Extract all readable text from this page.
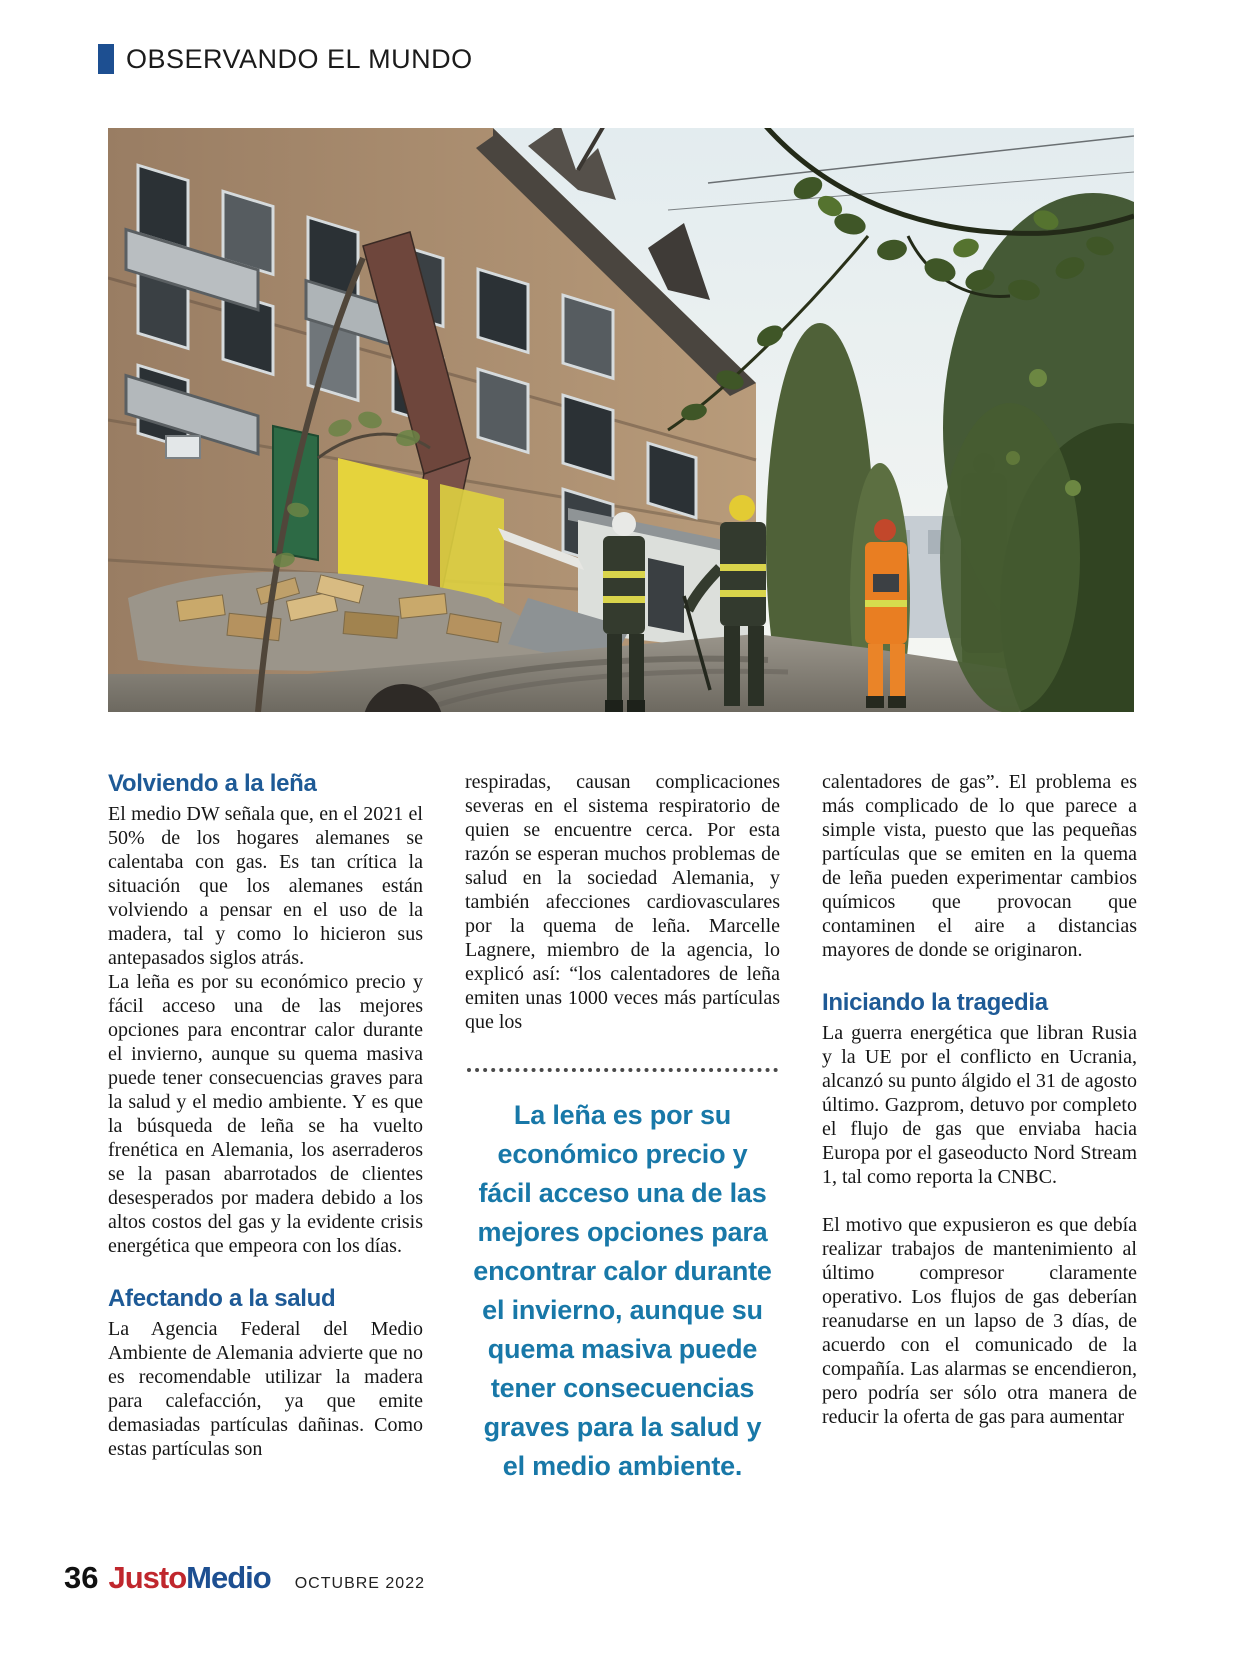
OBSERVANDO EL MUNDO
Volviendo a la leña

El medio DW señala que, en el 2021 el 50% de los hogares alemanes se calentaba con gas. Es tan crítica la situación que los alemanes están volviendo a pensar en el uso de la madera, tal y como lo hicieron sus antepasados siglos atrás.

La leña es por su económico precio y fácil acceso una de las mejores opciones para encontrar calor durante el invierno, aunque su quema masiva puede tener consecuencias graves para la salud y el medio ambiente. Y es que la búsqueda de leña se ha vuelto frenética en Alemania, los aserraderos se la pasan abarrotados de clientes desesperados por madera debido a los altos costos del gas y la evidente crisis energética que empeora con los días.

Afectando a la salud

La Agencia Federal del Medio Ambiente de Alemania advierte que no es recomendable utilizar la madera para calefacción, ya que emite demasiadas partículas dañinas. Como estas partículas son

respiradas, causan complicaciones severas en el sistema respiratorio de quien se encuentre cerca. Por esta razón se esperan muchos problemas de salud en la sociedad Alemania, y también afecciones cardiovasculares por la quema de leña. Marcelle Lagnere, miembro de la agencia, lo explicó así: “los calentadores de leña emiten unas 1000 veces más partículas que los

La leña es por su económico precio y fácil acceso una de las mejores opciones para encontrar calor durante el invierno, aunque su quema masiva puede tener consecuencias graves para la salud y el medio ambiente.

calentadores de gas”. El problema es más complicado de lo que parece a simple vista, puesto que las pequeñas partículas que se emiten en la quema de leña pueden experimentar cambios químicos que provocan que contaminen el aire a distancias mayores de donde se originaron.

Iniciando la tragedia

La guerra energética que libran Rusia y la UE por el conflicto en Ucrania, alcanzó su punto álgido el 31 de agosto último. Gazprom, detuvo por completo el flujo de gas que enviaba hacia Europa por el gaseoducto Nord Stream 1, tal como reporta la CNBC.

El motivo que expusieron es que debía realizar trabajos de mantenimiento al último compresor claramente operativo. Los flujos de gas deberían reanudarse en un lapso de 3 días, de acuerdo con el comunicado de la compañía. Las alarmas se encendieron, pero podría ser sólo otra manera de reducir la oferta de gas para aumentar

36 JustoMedio OCTUBRE 2022
